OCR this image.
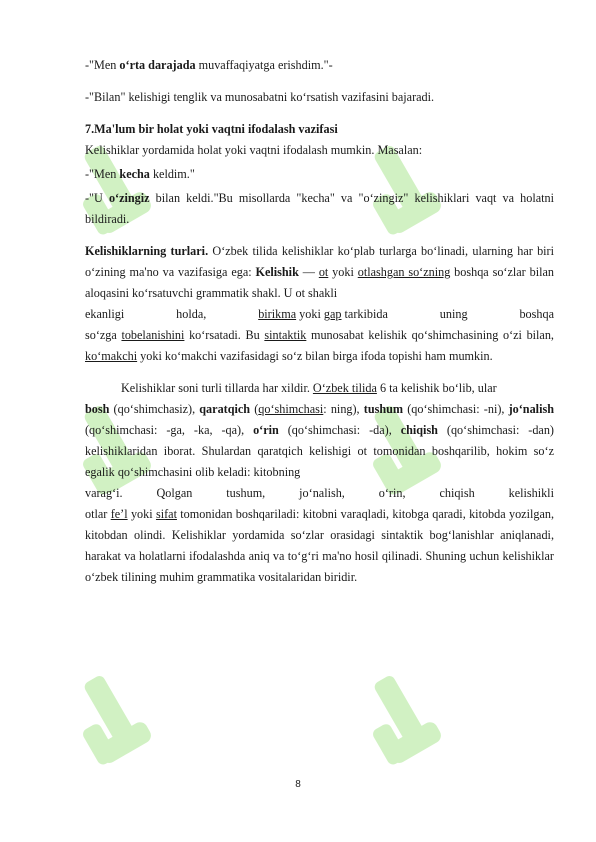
-"Men o‘rta darajada muvaffaqiyatga erishdim."-

-"Bilan" kelishigi tenglik va munosabatni ko‘rsatish vazifasini bajaradi.

7.Ma'lum bir holat yoki vaqtni ifodalash vazifasi

Kelishiklar yordamida holat yoki vaqtni ifodalash mumkin. Masalan:

-"Men kecha keldim."

-"U o‘zingiz bilan keldi."Bu misollarda "kecha" va "o‘zingiz" kelishiklari vaqt va holatni bildiradi.

Kelishiklarning turlari. O‘zbek tilida kelishiklar ko‘plab turlarga bo‘linadi, ularning har biri o‘zining ma'no va vazifasiga ega: Kelishik — ot yoki otlashgan so‘zning boshqa so‘zlar bilan aloqasini ko‘rsatuvchi grammatik shakl. U ot shakli

ekanligi	holda,	birikma yoki gap tarkibida	uning	boshqa

so‘zga tobelanishini ko‘rsatadi. Bu sintaktik munosabat kelishik qo‘shimchasining o‘zi bilan, ko‘makchi yoki ko‘makchi vazifasidagi so‘z bilan birga ifoda topishi ham mumkin.

Kelishiklar soni turli tillarda har xildir. O‘zbek tilida 6 ta kelishik bo‘lib, ular

bosh (qo‘shimchasiz), qaratqich (qo‘shimchasi: ning), tushum (qo‘shimchasi: -ni), jo‘nalish (qo‘shimchasi: -ga, -ka, -qa), o‘rin (qo‘shimchasi: -da), chiqish (qo‘shimchasi: -dan) kelishiklaridan iborat. Shulardan qaratqich kelishigi ot tomonidan boshqarilib, hokim so‘z egalik qo‘shimchasini olib keladi: kitobning

varag‘i.	Qolgan	tushum,	jo‘nalish,	o‘rin,	chiqish	kelishikli

otlar fe’l yoki sifat tomonidan boshqariladi: kitobni varaqladi, kitobga qaradi, kitobda yozilgan, kitobdan olindi. Kelishiklar yordamida so‘zlar orasidagi sintaktik bog‘lanishlar aniqlanadi, harakat va holatlarni ifodalashda aniq va to‘g‘ri ma'no hosil qilinadi. Shuning uchun kelishiklar o‘zbek tilining muhim grammatika vositalaridan biridir.

8
